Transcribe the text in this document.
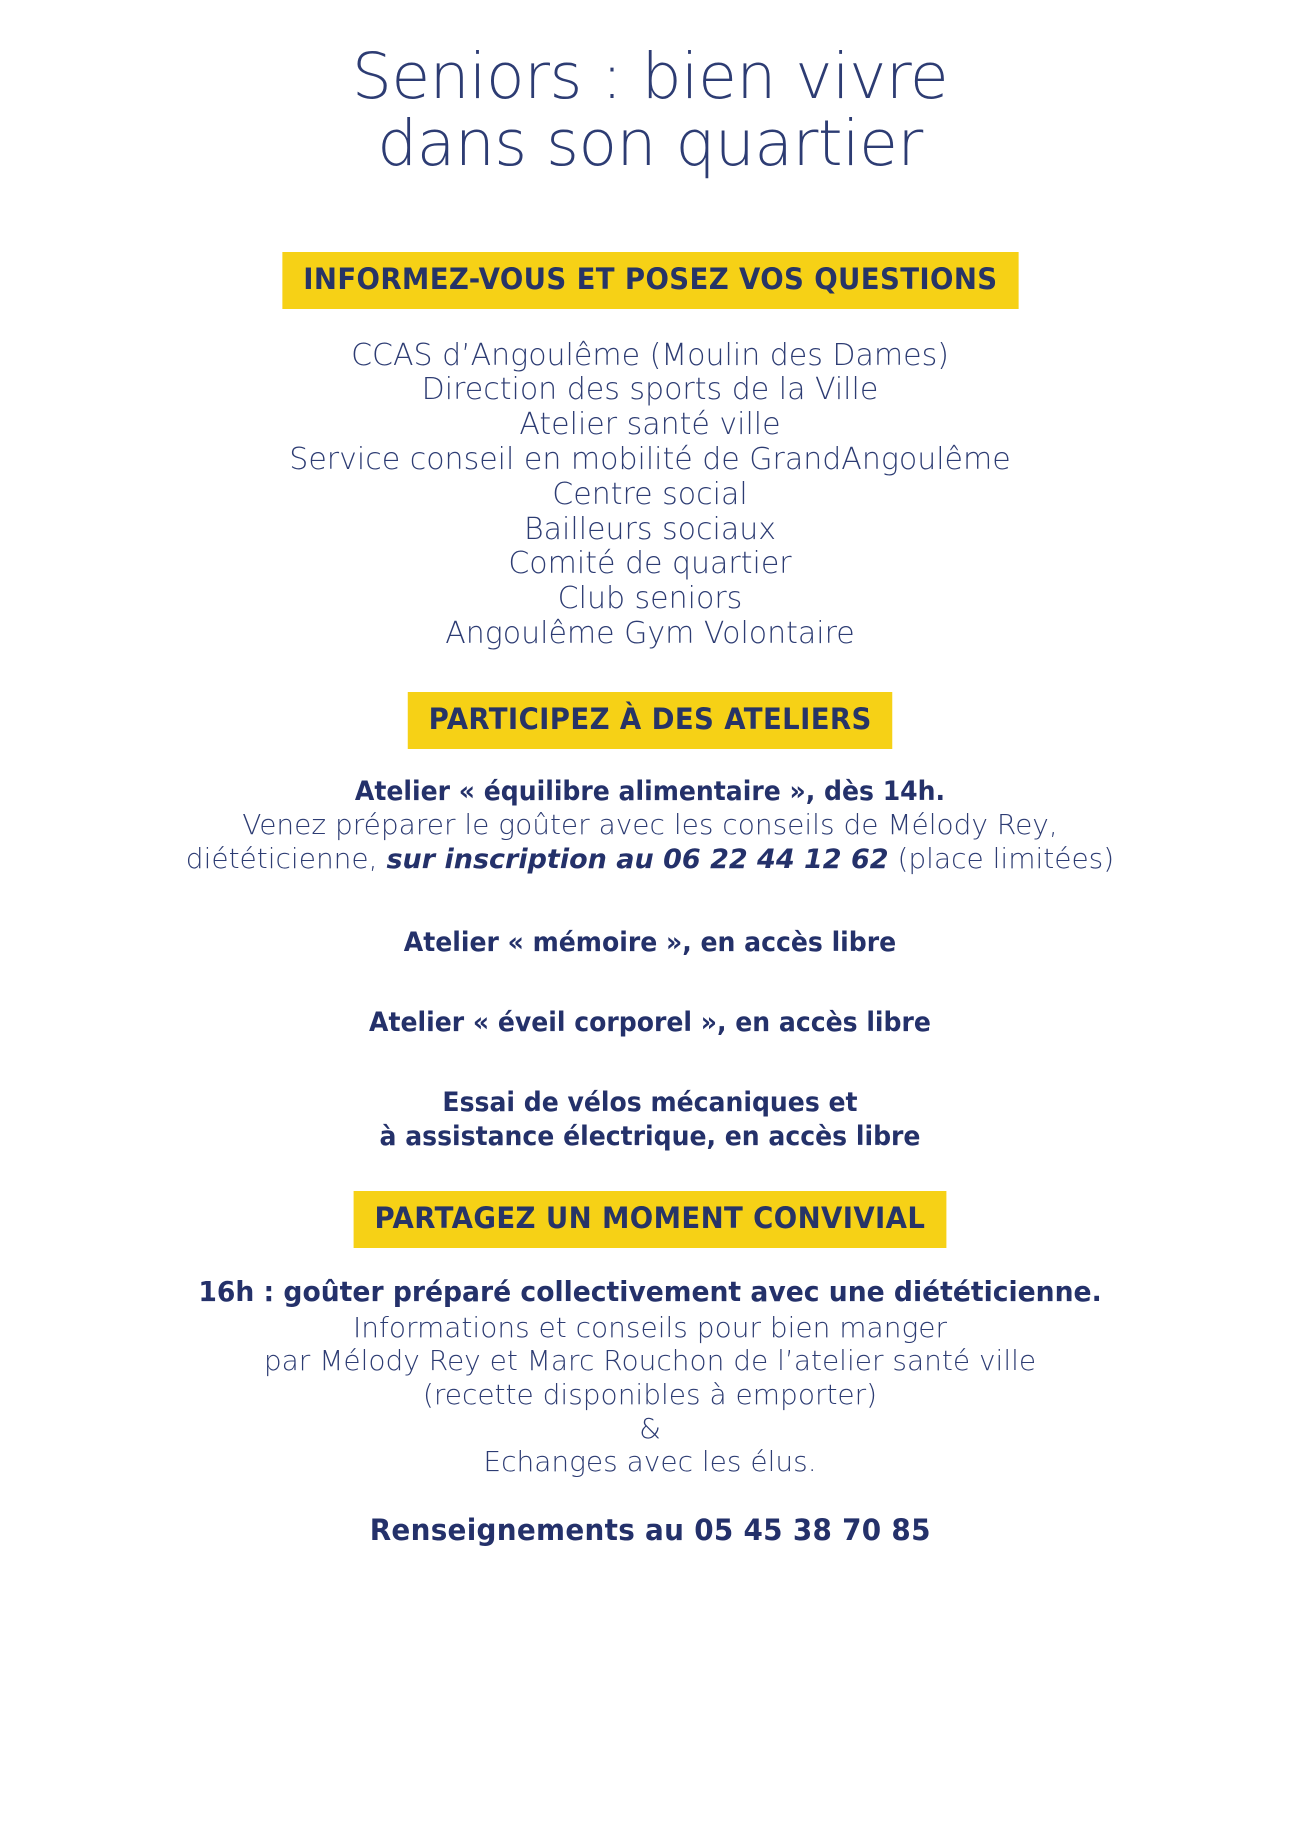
Seniors : bien vivre
dans son quartier
INFORMEZ-VOUS ET POSEZ VOS QUESTIONS
CCAS d’Angoulême (Moulin des Dames)
Direction des sports de la Ville
Atelier santé ville
Service conseil en mobilité de GrandAngoulême
Centre social
Bailleurs sociaux
Comité de quartier
Club seniors
Angoulême Gym Volontaire
PARTICIPEZ À DES ATELIERS
Atelier « équilibre alimentaire », dès 14h.
Venez préparer le goûter avec les conseils de Mélody Rey,
diététicienne, sur inscription au 06 22 44 12 62 (place limitées)
Atelier « mémoire », en accès libre
Atelier « éveil corporel », en accès libre
Essai de vélos mécaniques et
à assistance électrique, en accès libre
PARTAGEZ UN MOMENT CONVIVIAL
16h : goûter préparé collectivement avec une diététicienne.
Informations et conseils pour bien manger
par Mélody Rey et Marc Rouchon de l’atelier santé ville
(recette disponibles à emporter)
&
Echanges avec les élus.
Renseignements au 05 45 38 70 85
